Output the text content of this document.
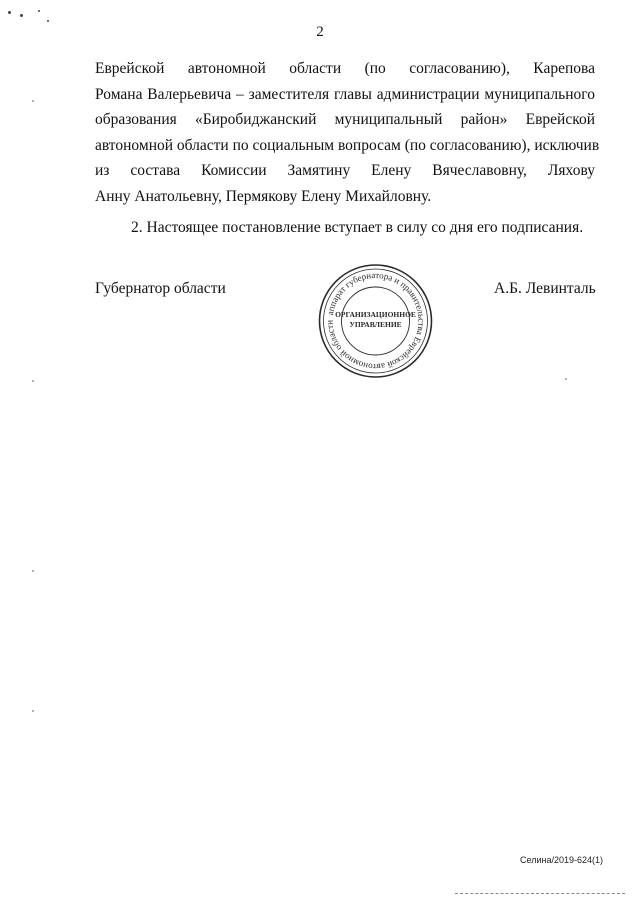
2

Еврейской автономной области (по согласованию), Карепова
Романа Валерьевича – заместителя главы администрации муниципального
образования «Биробиджанский муниципальный район» Еврейской
автономной области по социальным вопросам (по согласованию), исключив
из состава Комиссии Замятину Елену Вячеславовну, Ляхову
Анну Анатольевну, Пермякову Елену Михайловну.

2. Настоящее постановление вступает в силу со дня его подписания.

Губернатор области
аппарат губернатора и правительства Еврейской автономной области
ОРГАНИЗАЦИОННОЕ
УПРАВЛЕНИЕ
А.Б. Левинталь
Селина/2019-624(1)
